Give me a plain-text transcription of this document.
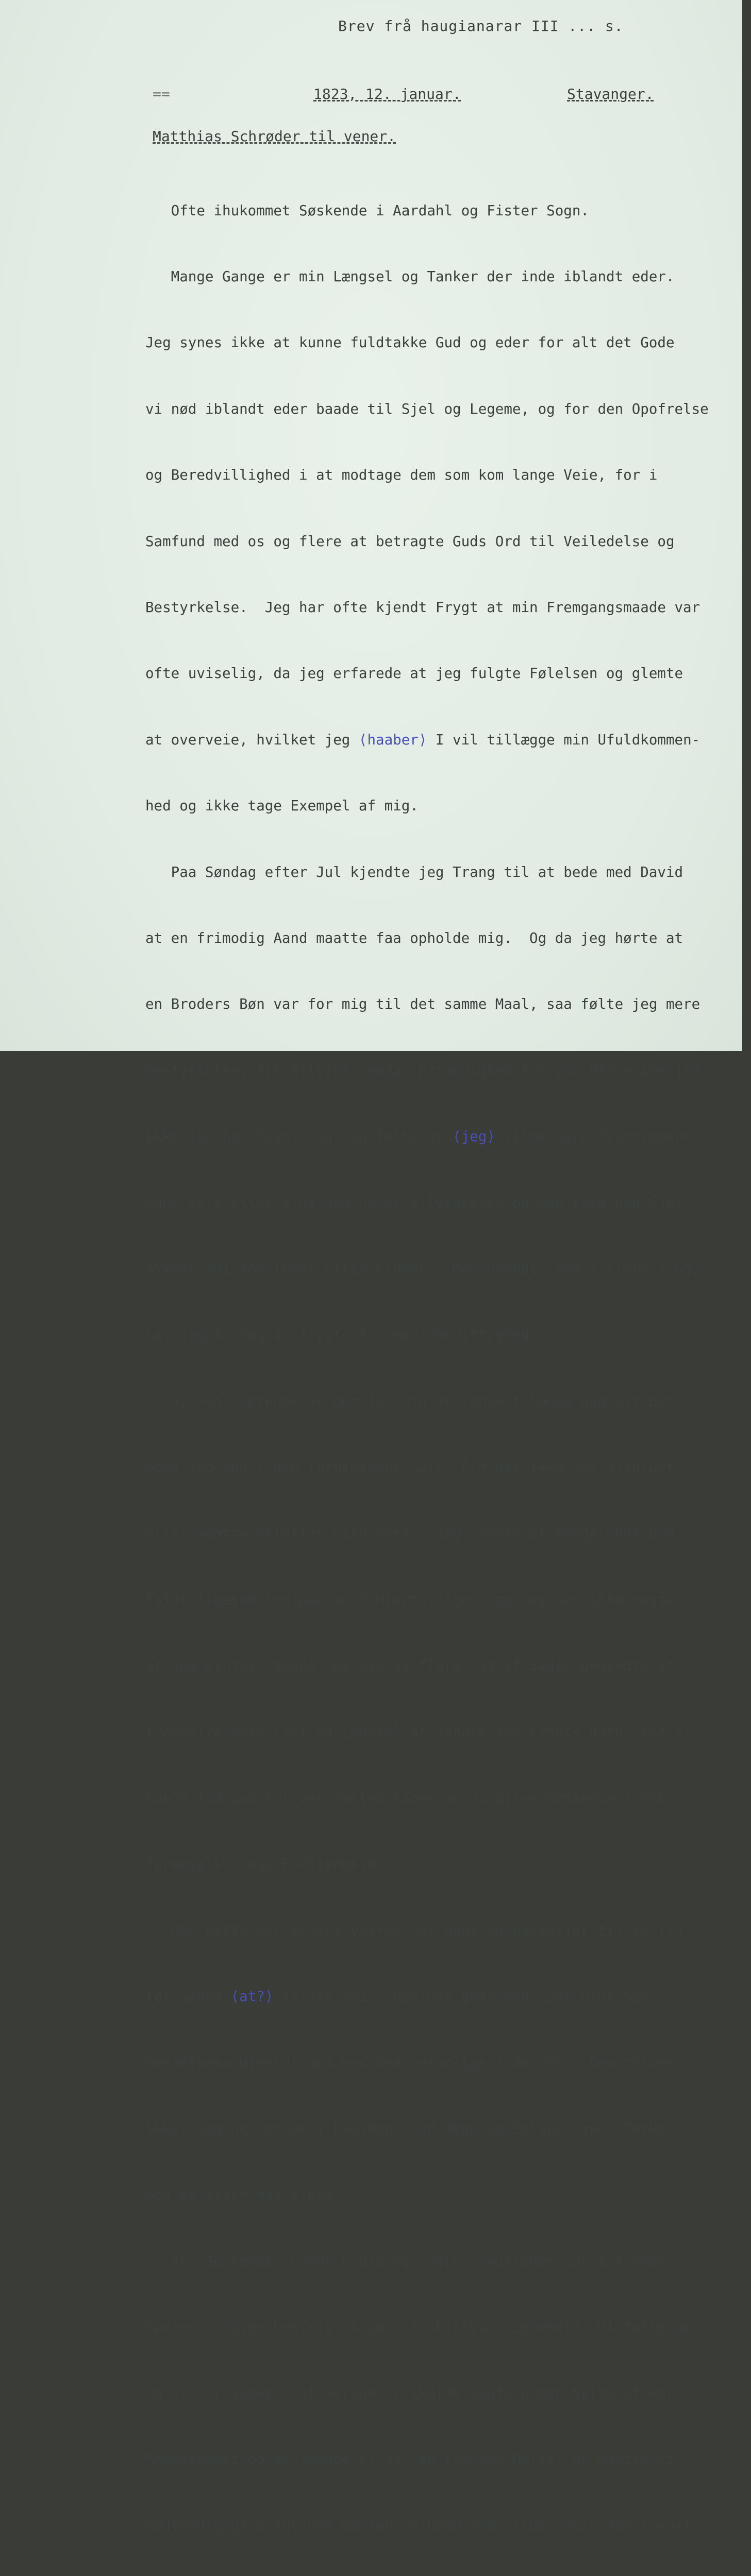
Brev frå haugianarar III ... s.
==	1823, 12. januar.	Stavanger.
Matthias Schrøder til vener.

Ofte ihukommet Søskende i Aardahl og Fister Sogn.

Mange Gange er min Længsel og Tanker der inde iblandt eder.

Jeg synes ikke at kunne fuldtakke Gud og eder for alt det Gode

vi nød iblandt eder baade til Sjel og Legeme, og for den Opofrelse

og Beredvillighed i at modtage dem som kom lange Veie, for i

Samfund med os og flere at betragte Guds Ord til Veiledelse og

Bestyrkelse.  Jeg har ofte kjendt Frygt at min Fremgangsmaade var

ofte uviselig, da jeg erfarede at jeg fulgte Følelsen og glemte

at overveie, hvilket jeg ⟨haaber⟩ I vil tillægge min Ufuldkommen-

hed og ikke tage Exempel af mig.

Paa Søndag efter Jul kjendte jeg Trang til at bede med David

at en frimodig Aand maatte faa opholde mig.  Og da jeg hørte at

en Broders Bøn var for mig til det samme Maal, saa følte jeg mere

Bestyrkelse, fik tillige saadan Frimodighed fra vor Herre som jeg

ikke før har havt.  Og jeg følte at ⟨jeg⟩ vilde lære Overtrædere

hans Veie eller sige dem deres Vildfarelse og den Fare den Sjel

svæver udi som lever efter Kjødet.  Men derudi, som i flere Ting,

har jeg Aarsag at frygte for min Vanvittighed.

O, hvor rørende er det for mig at tænke tilbage paa alt det

Gode jeg nød i den forbigangne Jul!  Gid det ikke var misbrugt

eller maatte herefter misbruges!  Jeg syntes at mange Guds Ord

faldt ligesom ind paa vort Hjertes Ager, og jeg kan ikke nægte

at jeg syntes, baade hos mig og flere, at af Sæden begyndte at

fremspire mere Lyst og Længsel at vandre som Lysets Børn, saa vi

kunde faa Gud til vor fælles Fader og vi blive Søskende i ham

formedelst Jesu Fortjeneste.

Men dette var medens Veiret var godt og passeligt til en Tid

for Sæden ⟨at?⟩ trives udi.  Men det gaar med Guds Ords Sæd i

Menneskens Hjerter som med den naturlige i Jorden.  Den trives

ikke, som der staar i Psalmen, ved Regn og Solskin ene; Tørke

med og Storm maa tjene.

Ak, Søskende, baade eldre og yngre, hvorledes har I fundet

Væxten, enhver hos sig, siden vi skiltes i Legemet?  Vi talte om

da vi var sammen, at dersom vi skulde vente nogen Nytte af vor

Sammenkomst og den Naade vi da nød fra vor Herre, da maatte vi

nødvendig give Agt paa Væxten og hvad som vilde qvæle den i vort
